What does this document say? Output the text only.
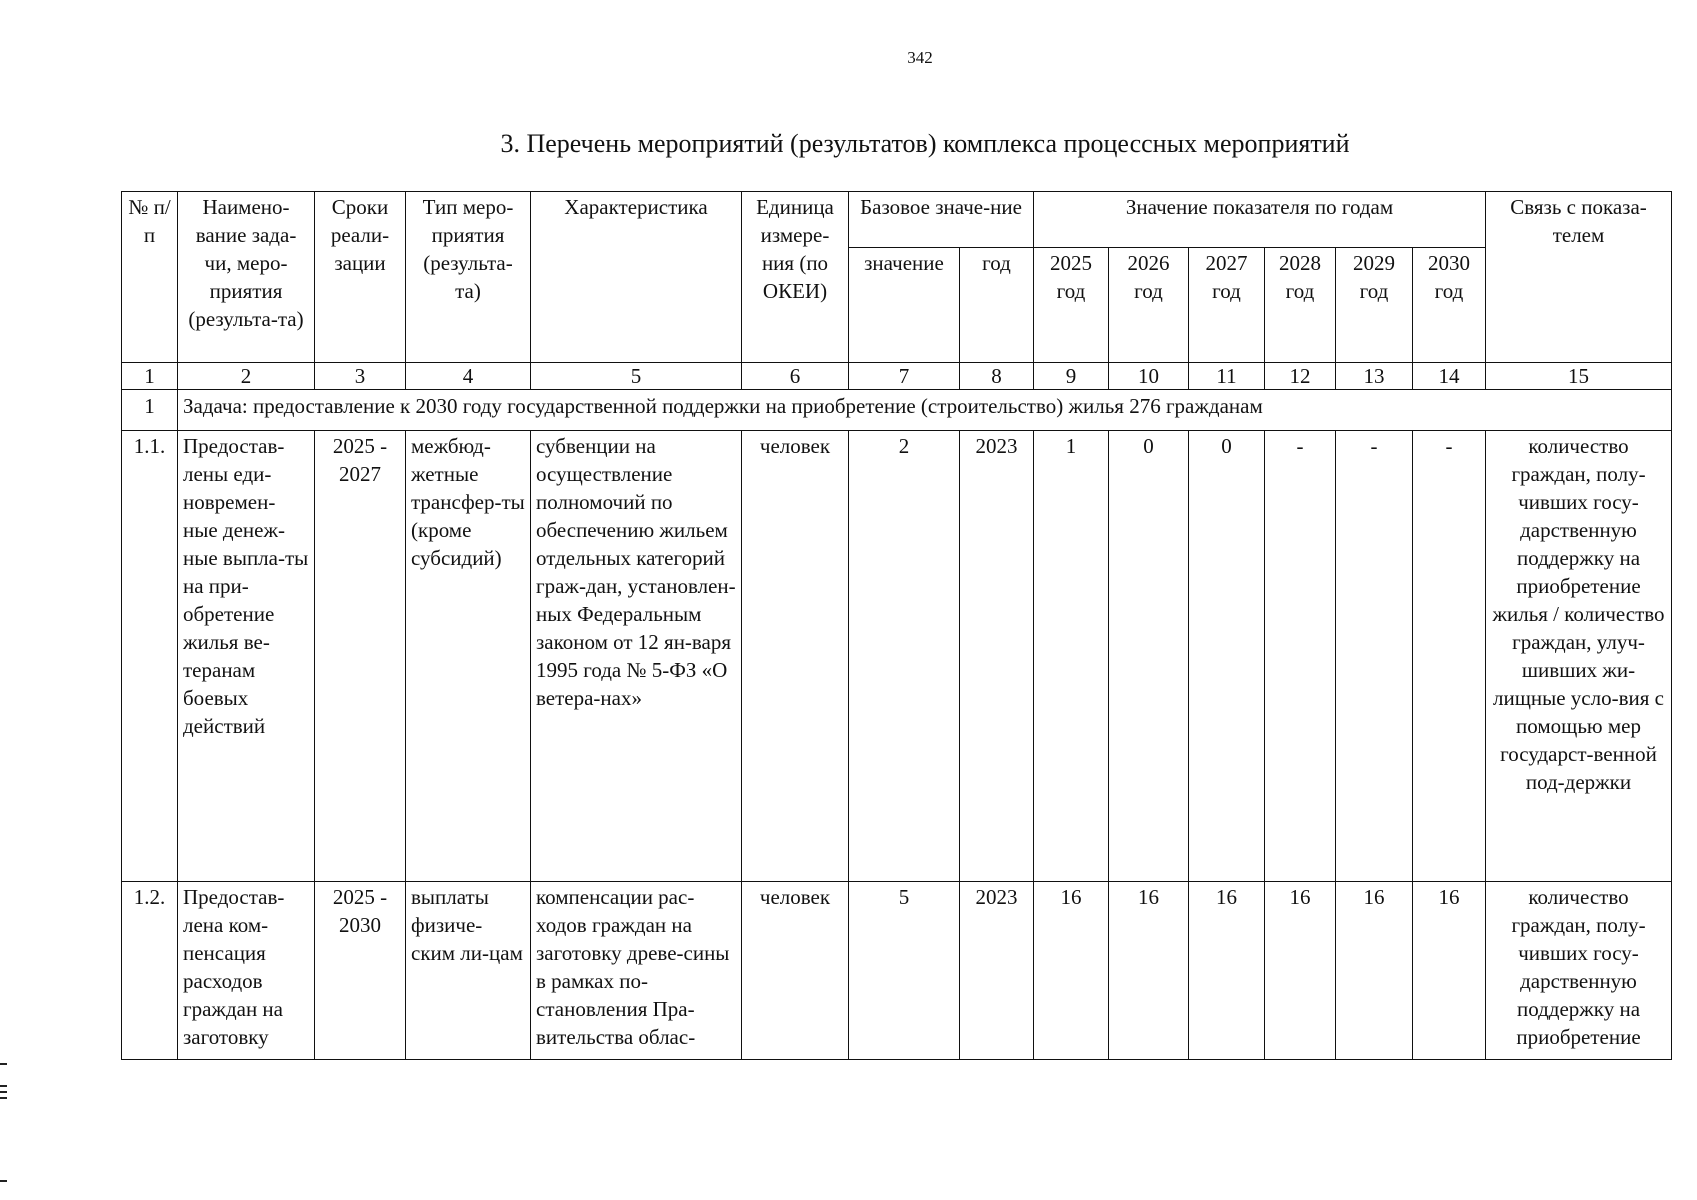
342
3. Перечень мероприятий (результатов) комплекса процессных мероприятий
№ п/п	Наимено-вание зада-чи, меро-приятия (результа-та)	Сроки реали-зации	Тип меро-приятия (результа-та)	Характеристика	Единица измере-ния (по ОКЕИ)	Базовое значе-ние		Значение показателя по годам						Связь с показа-телем
						значение	год	2025 год	2026 год	2027 год	2028 год	2029 год	2030 год	
1	2	3	4	5	6	7	8	9	10	11	12	13	14	15
1	Задача: предоставление к 2030 году государственной поддержки на приобретение (строительство) жилья 276 гражданам													
1.1.	Предостав-лены еди-новремен-ные денеж-ные выпла-ты на при-обретение жилья ве-теранам боевых действий	2025 - 2027	межбюд-жетные трансфер-ты (кроме субсидий)	субвенции на осуществление полномочий по обеспечению жильем отдельных категорий граж-дан, установлен-ных Федеральным законом от 12 ян-варя 1995 года № 5-ФЗ «О ветера-нах»	человек	2	2023	1	0	0	-	-	-	количество граждан, полу-чивших госу-дарственную поддержку на приобретение жилья / количество граждан, улуч-шивших жи-лищные усло-вия с помощью мер государст-венной под-держки
1.2.	Предостав-лена ком-пенсация расходов граждан на заготовку	2025 - 2030	выплаты физиче-ским ли-цам	компенсации рас-ходов граждан на заготовку древе-сины в рамках по-становления Пра-вительства облас-	человек	5	2023	16	16	16	16	16	16	количество граждан, полу-чивших госу-дарственную поддержку на приобретение
